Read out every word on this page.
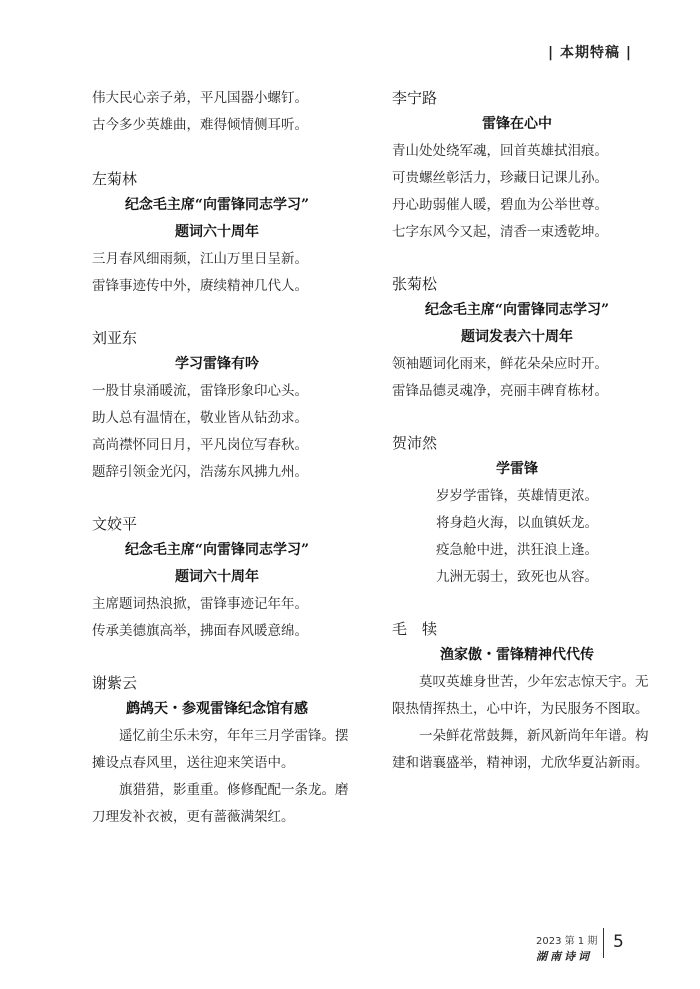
| 本期特稿 |

伟大民心亲子弟，平凡国器小螺钉。

古今多少英雄曲，难得倾情侧耳听。

左菊林

纪念毛主席“向雷锋同志学习”

题词六十周年

三月春风细雨频，江山万里日呈新。

雷锋事迹传中外，赓续精神几代人。

刘亚东

学习雷锋有吟

一股甘泉涌暖流，雷锋形象印心头。

助人总有温情在，敬业皆从钻劲求。

高尚襟怀同日月，平凡岗位写春秋。

题辞引领金光闪，浩荡东风拂九州。

文姣平

纪念毛主席“向雷锋同志学习”

题词六十周年

主席题词热浪掀，雷锋事迹记年年。

传承美德旗高举，拂面春风暖意绵。

谢紫云

鹧鸪天・参观雷锋纪念馆有感

遥忆前尘乐未穷，年年三月学雷锋。摆

摊设点春风里，送往迎来笑语中。

旗猎猎，影重重。修修配配一条龙。磨

刀理发补衣被，更有蔷薇满架红。

李宁路

雷锋在心中

青山处处绕军魂，回首英雄拭泪痕。

可贵螺丝彰活力，珍藏日记课儿孙。

丹心助弱催人暖，碧血为公举世尊。

七字东风今又起，清香一束透乾坤。

张菊松

纪念毛主席“向雷锋同志学习”

题词发表六十周年

领袖题词化雨来，鲜花朵朵应时开。

雷锋品德灵魂净，亮丽丰碑育栋材。

贺沛然

学雷锋

岁岁学雷锋，英雄情更浓。

将身趋火海，以血镇妖龙。

疫急舱中进，洪狂浪上逢。

九洲无弱士，致死也从容。

毛　犊

渔家傲・雷锋精神代代传

莫叹英雄身世苦，少年宏志惊天宇。无

限热情挥热土，心中许，为民服务不图取。

一朵鲜花常鼓舞，新风新尚年年谱。构

建和谐襄盛举，精神诩，尤欣华夏沾新雨。

2023 第 1 期
湖南诗词
5
